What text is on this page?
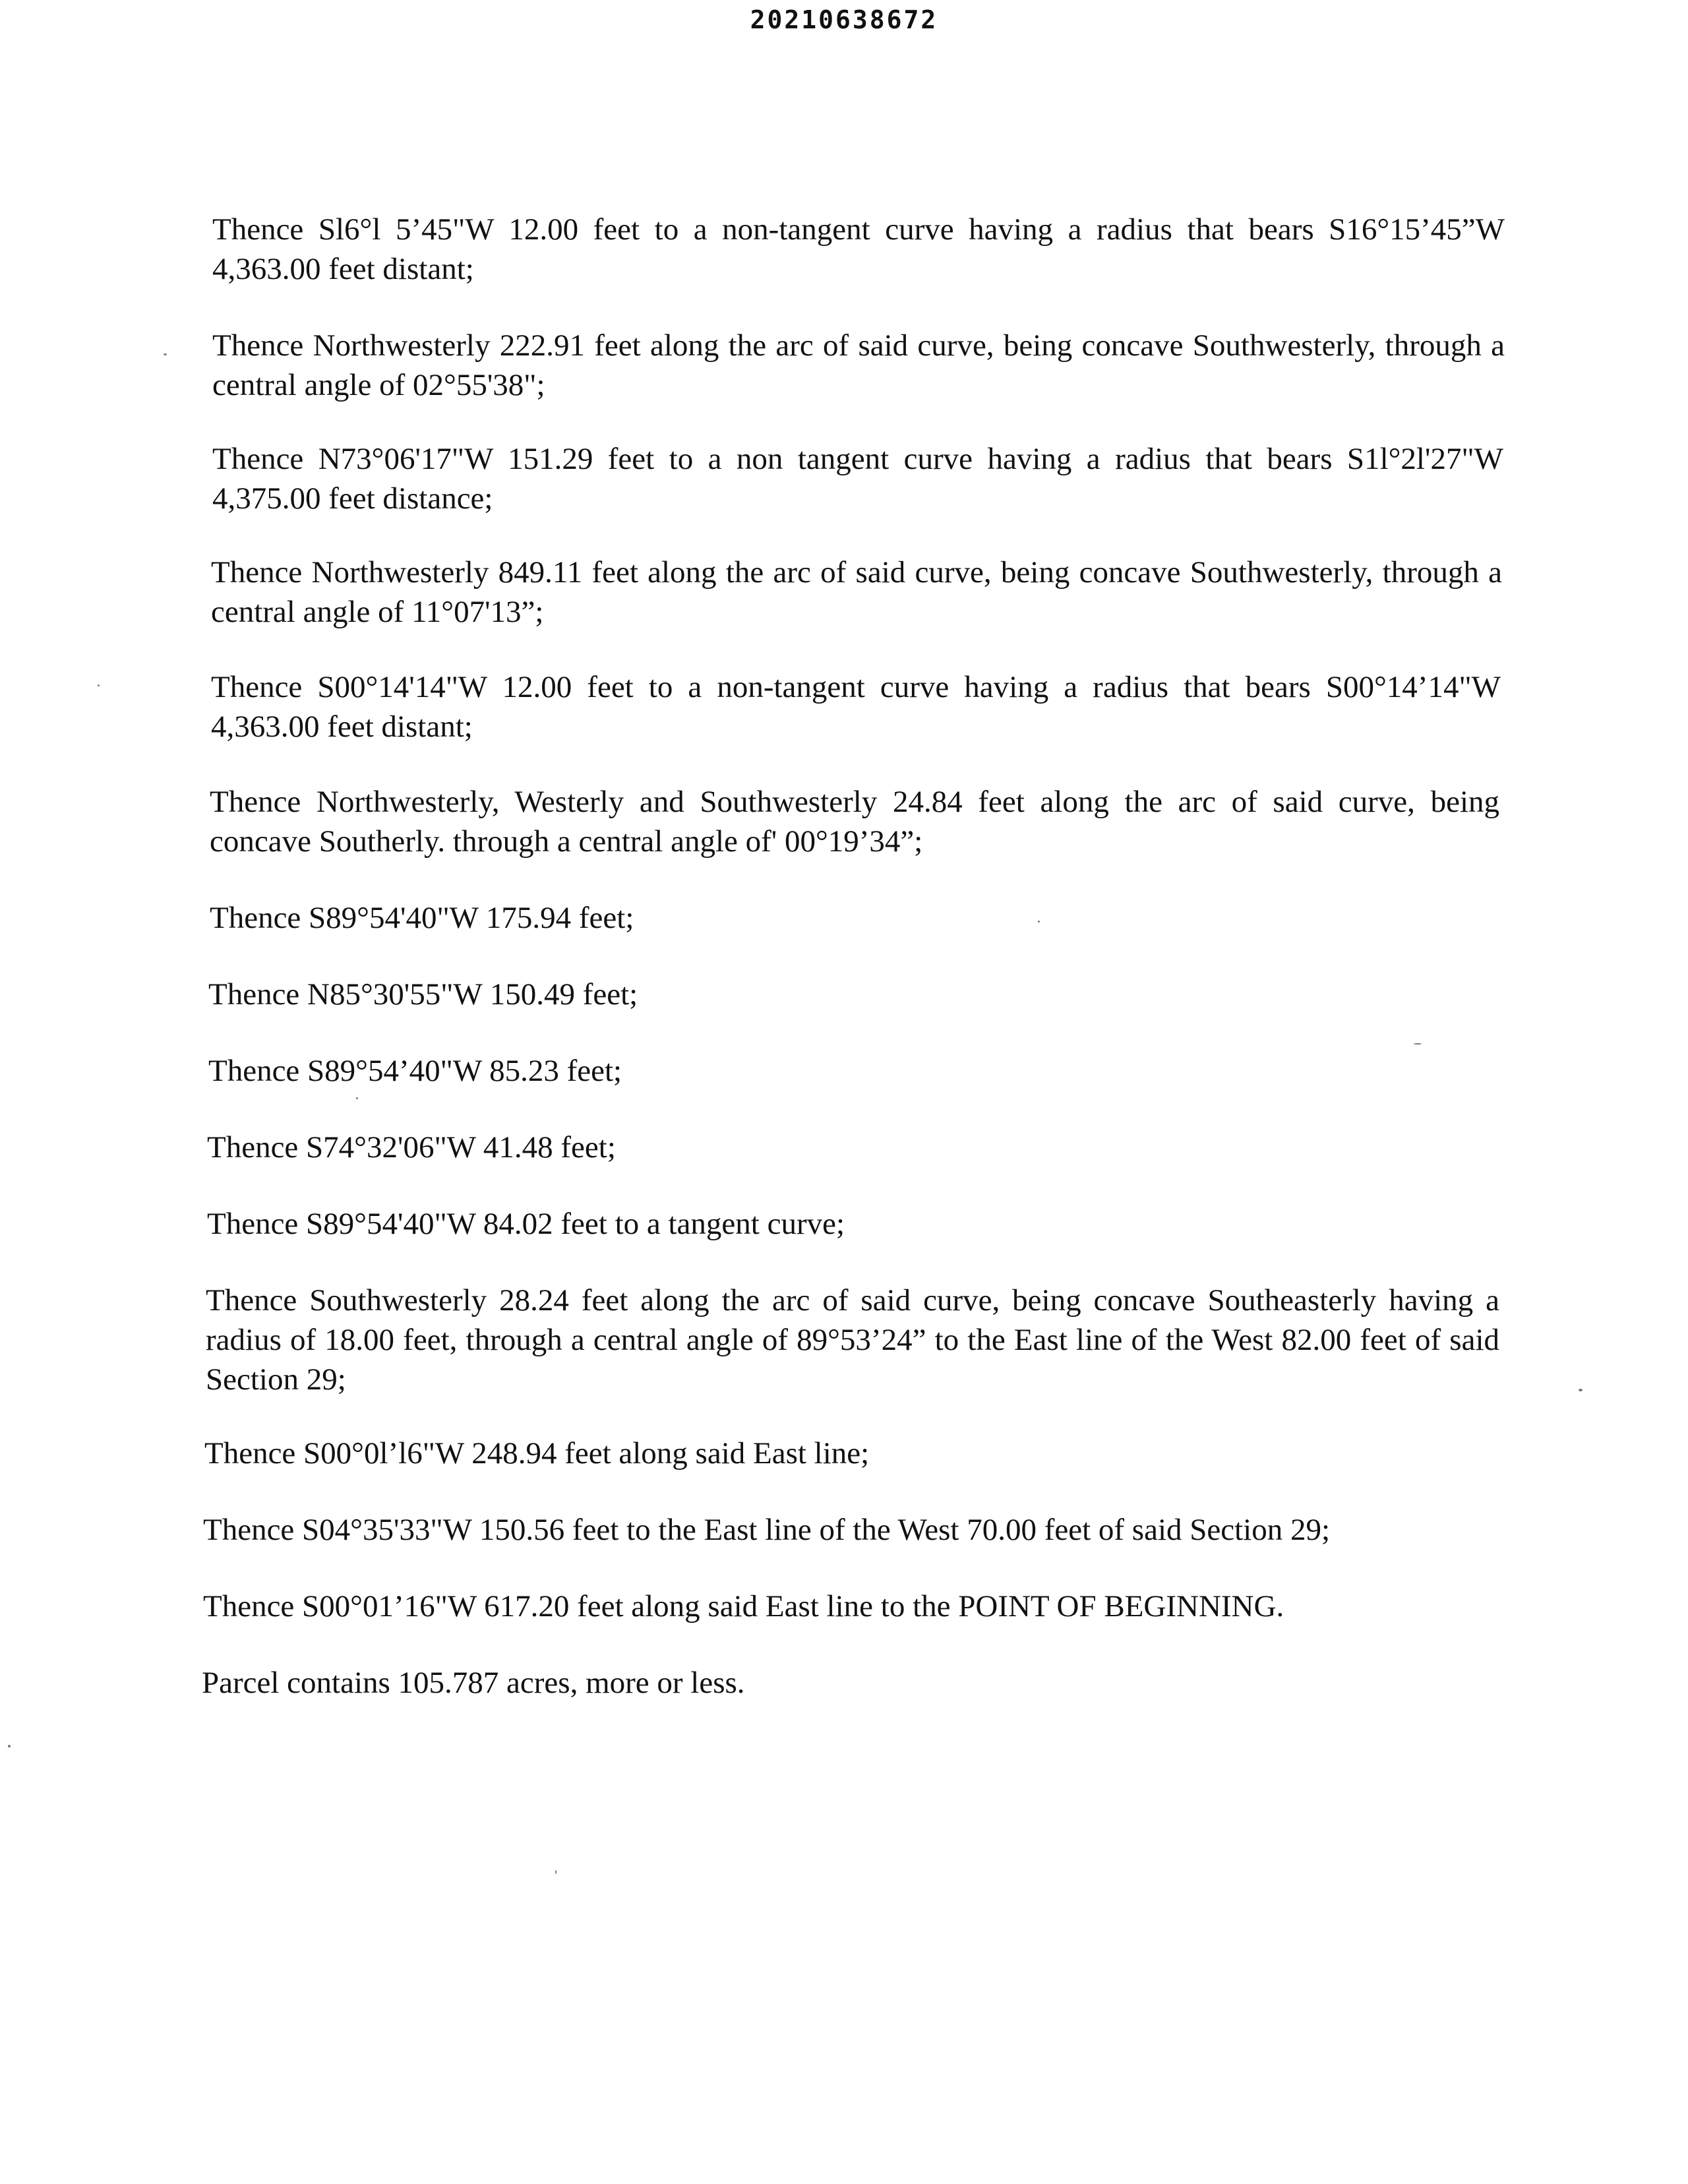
20210638672

Thence Sl6°l 5’45"W 12.00 feet to a non-tangent curve having a radius that bears S16°15’45”W 4,363.00 feet distant;

Thence Northwesterly 222.91 feet along the arc of said curve, being concave Southwesterly, through a central angle of 02°55'38";

Thence N73°06'17"W 151.29 feet to a non tangent curve having a radius that bears S1l°2l'27"W 4,375.00 feet distance;

Thence Northwesterly 849.11 feet along the arc of said curve, being concave Southwesterly, through a central angle of 11°07'13”;

Thence S00°14'14"W 12.00 feet to a non-tangent curve having a radius that bears S00°14’14"W 4,363.00 feet distant;

Thence Northwesterly, Westerly and Southwesterly 24.84 feet along the arc of said curve, being concave Southerly. through a central angle of' 00°19’34”;

Thence S89°54'40"W 175.94 feet;

Thence N85°30'55"W 150.49 feet;

Thence S89°54’40"W 85.23 feet;

Thence S74°32'06"W 41.48 feet;

Thence S89°54'40"W 84.02 feet to a tangent curve;

Thence Southwesterly 28.24 feet along the arc of said curve, being concave Southeasterly having a radius of 18.00 feet, through a central angle of 89°53’24” to the East line of the West 82.00 feet of said Section 29;

Thence S00°0l’l6"W 248.94 feet along said East line;

Thence S04°35'33"W 150.56 feet to the East line of the West 70.00 feet of said Section 29;

Thence S00°01’16"W 617.20 feet along said East line to the POINT OF BEGINNING.

Parcel contains 105.787 acres, more or less.
